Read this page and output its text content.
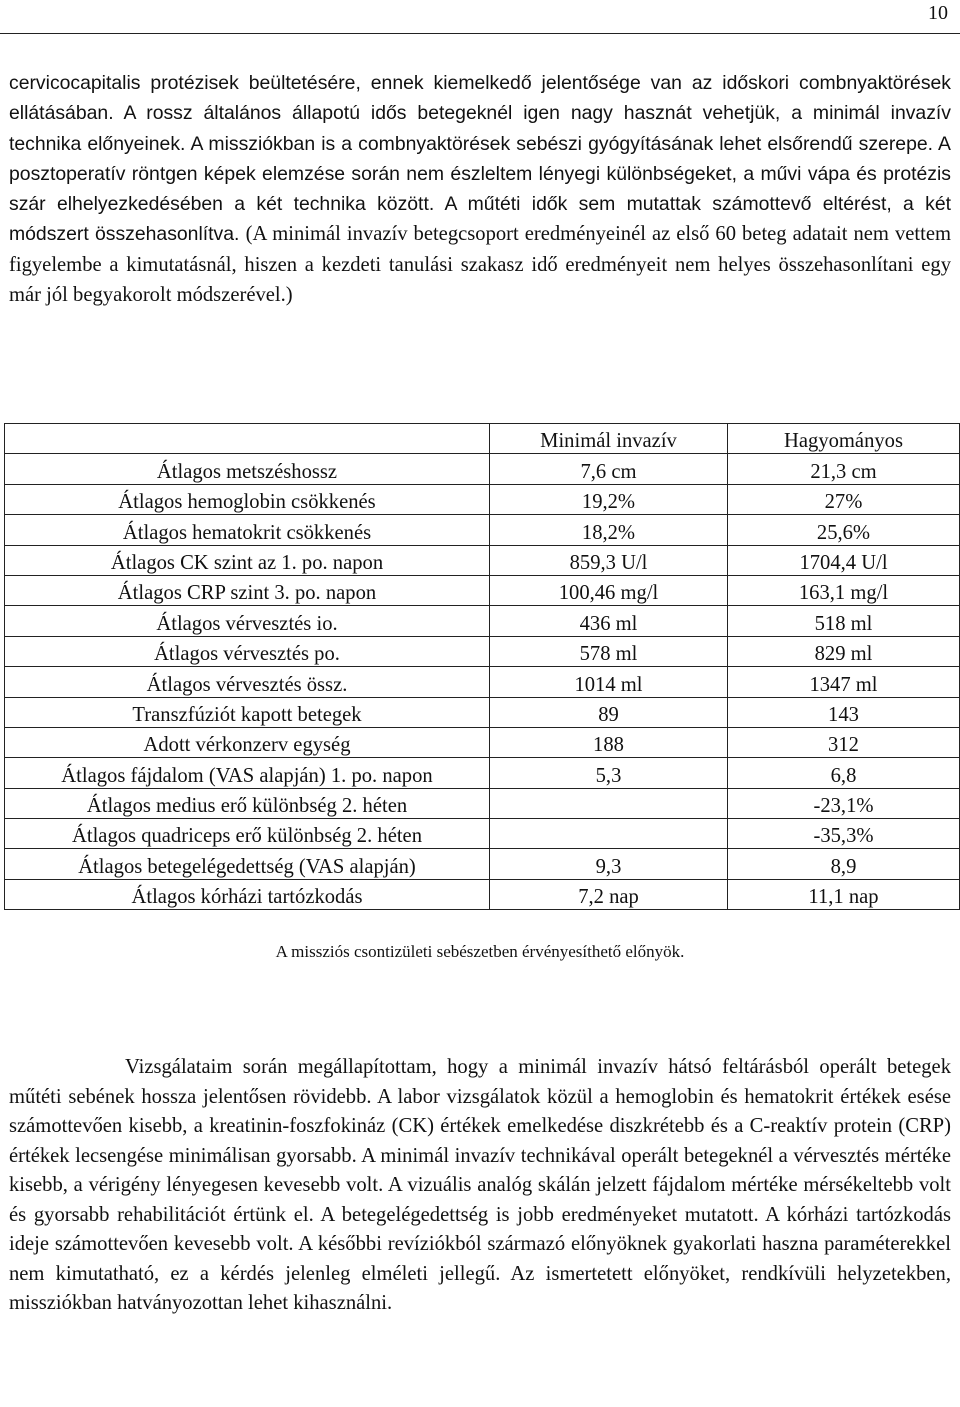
10

cervicocapitalis protézisek beültetésére, ennek kiemelkedő jelentősége van az időskori combnyaktörések ellátásában. A rossz általános állapotú idős betegeknél igen nagy hasznát vehetjük, a minimál invazív technika előnyeinek. A missziókban is a combnyaktörések sebészi gyógyításának lehet elsőrendű szerepe. A posztoperatív röntgen képek elemzése során nem észleltem lényegi különbségeket, a művi vápa és protézis szár elhelyezkedésében a két technika között. A műtéti idők sem mutattak számottevő eltérést, a két módszert összehasonlítva. (A minimál invazív betegcsoport eredményeinél az első 60 beteg adatait nem vettem figyelembe a kimutatásnál, hiszen a kezdeti tanulási szakasz idő eredményeit nem helyes összehasonlítani egy már jól begyakorolt módszerével.)

	Minimál invazív	Hagyományos
Átlagos metszéshossz	7,6 cm	21,3 cm
Átlagos hemoglobin csökkenés	19,2%	27%
Átlagos hematokrit csökkenés	18,2%	25,6%
Átlagos CK szint az 1. po. napon	859,3 U/l	1704,4 U/l
Átlagos CRP szint 3. po. napon	100,46 mg/l	163,1 mg/l
Átlagos vérvesztés io.	436 ml	518 ml
Átlagos vérvesztés po.	578 ml	829 ml
Átlagos vérvesztés össz.	1014 ml	1347 ml
Transzfúziót kapott betegek	89	143
Adott vérkonzerv egység	188	312
Átlagos fájdalom (VAS alapján) 1. po. napon	5,3	6,8
Átlagos medius erő különbség 2. héten		-23,1%
Átlagos quadriceps erő különbség 2. héten		-35,3%
Átlagos betegelégedettség (VAS alapján)	9,3	8,9
Átlagos kórházi tartózkodás	7,2 nap	11,1 nap
A missziós csontizületi sebészetben érvényesíthető előnyök.

Vizsgálataim során megállapítottam, hogy a minimál invazív hátsó feltárásból operált betegek műtéti sebének hossza jelentősen rövidebb. A labor vizsgálatok közül a hemoglobin és hematokrit értékek esése számottevően kisebb, a kreatinin-foszfokináz (CK) értékek emelkedése diszkrétebb és a C-reaktív protein (CRP) értékek lecsengése minimálisan gyorsabb. A minimál invazív technikával operált betegeknél a vérvesztés mértéke kisebb, a vérigény lényegesen kevesebb volt. A vizuális analóg skálán jelzett fájdalom mértéke mérsékeltebb volt és gyorsabb rehabilitációt értünk el. A betegelégedettség is jobb eredményeket mutatott. A kórházi tartózkodás ideje számottevően kevesebb volt. A későbbi revíziókból származó előnyöknek gyakorlati haszna paraméterekkel nem kimutatható, ez a kérdés jelenleg elméleti jellegű. Az ismertetett előnyöket, rendkívüli helyzetekben, missziókban hatványozottan lehet kihasználni.
